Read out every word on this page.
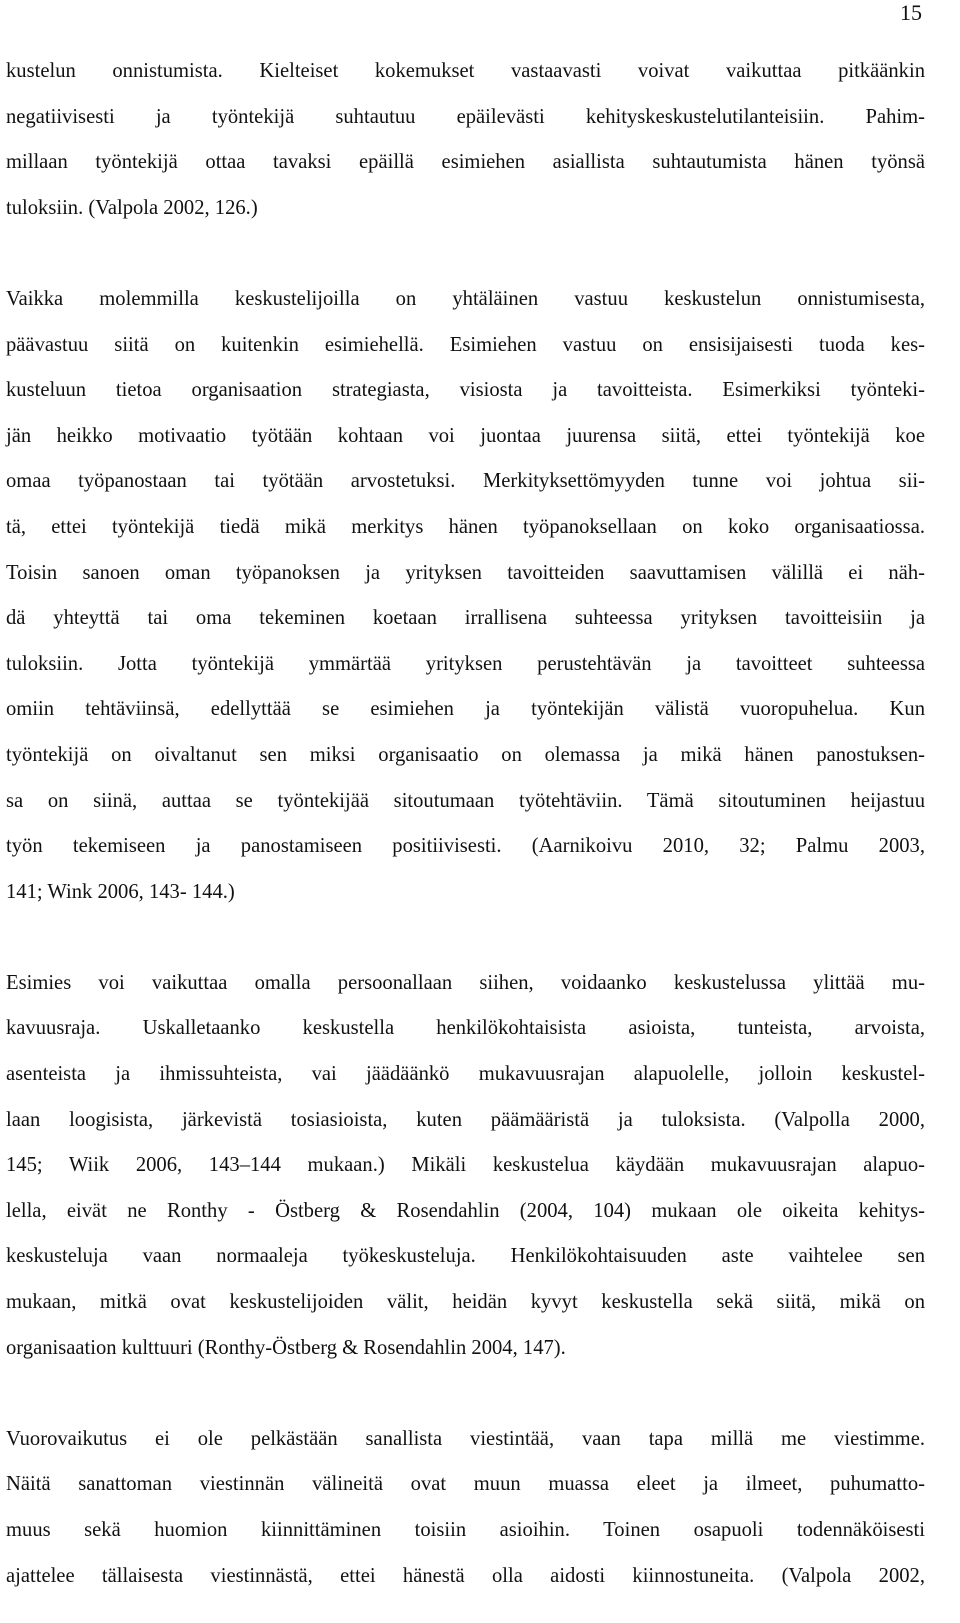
15
kustelun onnistumista. Kielteiset kokemukset vastaavasti voivat vaikuttaa pitkäänkin
negatiivisesti ja työntekijä suhtautuu epäilevästi kehityskeskustelutilanteisiin. Pahim-
millaan työntekijä ottaa tavaksi epäillä esimiehen asiallista suhtautumista hänen työnsä
tuloksiin. (Valpola 2002, 126.)
Vaikka molemmilla keskustelijoilla on yhtäläinen vastuu keskustelun onnistumisesta,
päävastuu siitä on kuitenkin esimiehellä. Esimiehen vastuu on ensisijaisesti tuoda kes-
kusteluun tietoa organisaation strategiasta, visiosta ja tavoitteista. Esimerkiksi työnteki-
jän heikko motivaatio työtään kohtaan voi juontaa juurensa siitä, ettei työntekijä koe
omaa työpanostaan tai työtään arvostetuksi. Merkityksettömyyden tunne voi johtua sii-
tä, ettei työntekijä tiedä mikä merkitys hänen työpanoksellaan on koko organisaatiossa.
Toisin sanoen oman työpanoksen ja yrityksen tavoitteiden saavuttamisen välillä ei näh-
dä yhteyttä tai oma tekeminen koetaan irrallisena suhteessa yrityksen tavoitteisiin ja
tuloksiin. Jotta työntekijä ymmärtää yrityksen perustehtävän ja tavoitteet suhteessa
omiin tehtäviinsä, edellyttää se esimiehen ja työntekijän välistä vuoropuhelua. Kun
työntekijä on oivaltanut sen miksi organisaatio on olemassa ja mikä hänen panostuksen-
sa on siinä, auttaa se työntekijää sitoutumaan työtehtäviin. Tämä sitoutuminen heijastuu
työn tekemiseen ja panostamiseen positiivisesti. (Aarnikoivu 2010, 32; Palmu 2003,
141; Wink 2006, 143- 144.)
Esimies voi vaikuttaa omalla persoonallaan siihen, voidaanko keskustelussa ylittää mu-
kavuusraja. Uskalletaanko keskustella henkilökohtaisista asioista, tunteista, arvoista,
asenteista ja ihmissuhteista, vai jäädäänkö mukavuusrajan alapuolelle, jolloin keskustel-
laan loogisista, järkevistä tosiasioista, kuten päämääristä ja tuloksista. (Valpolla 2000,
145; Wiik 2006, 143–144 mukaan.) Mikäli keskustelua käydään mukavuusrajan alapuo-
lella, eivät ne Ronthy - Östberg & Rosendahlin (2004, 104) mukaan ole oikeita kehitys-
keskusteluja vaan normaaleja työkeskusteluja. Henkilökohtaisuuden aste vaihtelee sen
mukaan, mitkä ovat keskustelijoiden välit, heidän kyvyt keskustella sekä siitä, mikä on
organisaation kulttuuri (Ronthy-Östberg & Rosendahlin 2004, 147).
Vuorovaikutus ei ole pelkästään sanallista viestintää, vaan tapa millä me viestimme.
Näitä sanattoman viestinnän välineitä ovat muun muassa eleet ja ilmeet, puhumatto-
muus sekä huomion kiinnittäminen toisiin asioihin. Toinen osapuoli todennäköisesti
ajattelee tällaisesta viestinnästä, ettei hänestä olla aidosti kiinnostuneita. (Valpola 2002,
